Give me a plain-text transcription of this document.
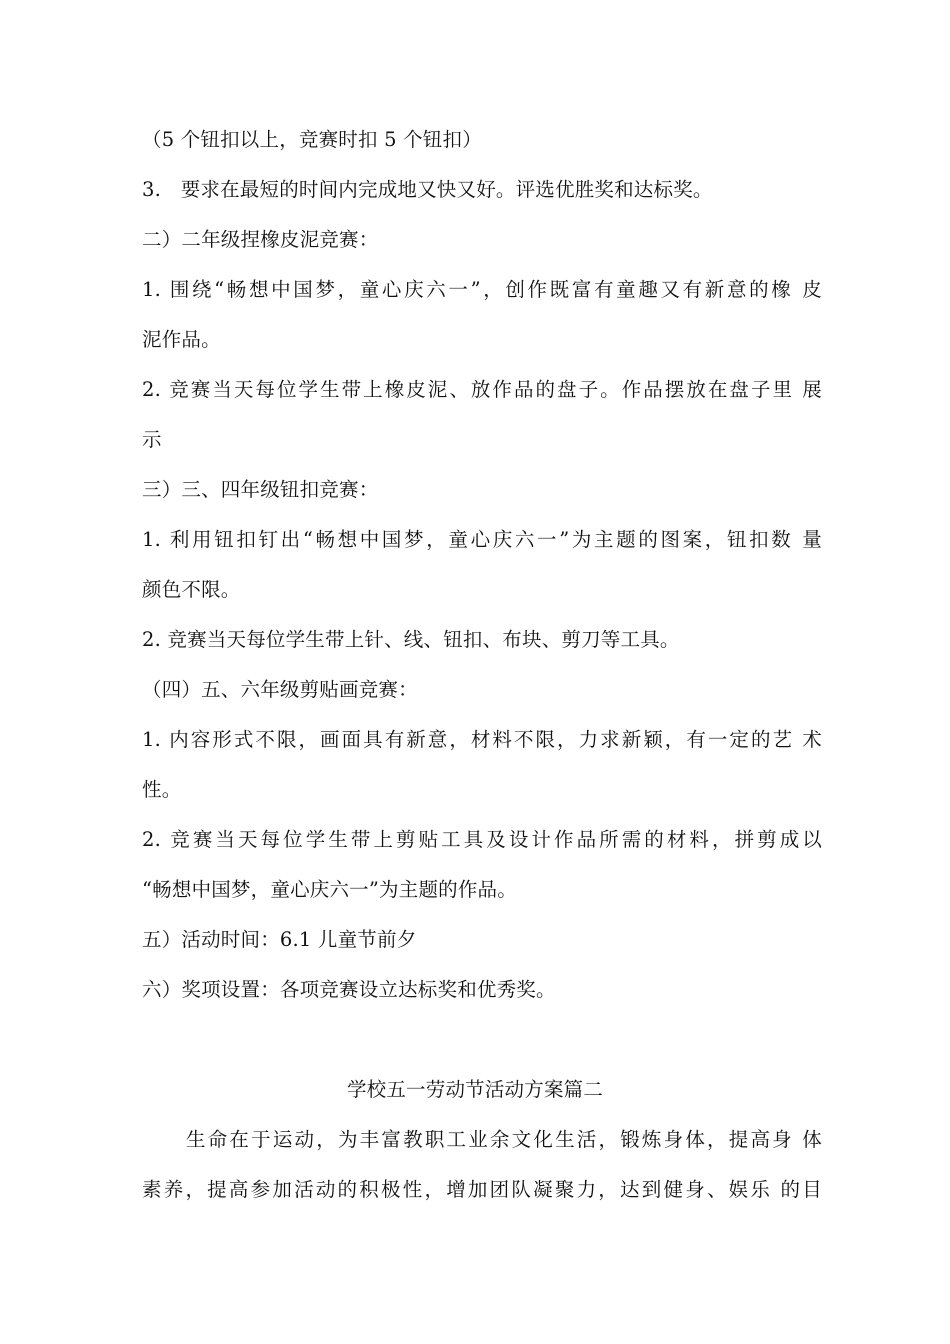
（5 个钮扣以上，竞赛时扣 5 个钮扣）
3.　要求在最短的时间内完成地又快又好。评选优胜奖和达标奖。
二）二年级捏橡皮泥竞赛：
1. 围绕“畅想中国梦，童心庆六一”，创作既富有童趣又有新意的橡 皮
泥作品。
2. 竞赛当天每位学生带上橡皮泥、放作品的盘子。作品摆放在盘子里 展
示
三）三、四年级钮扣竞赛：
1. 利用钮扣钉出“畅想中国梦，童心庆六一”为主题的图案，钮扣数 量
颜色不限。
2. 竞赛当天每位学生带上针、线、钮扣、布块、剪刀等工具。
（四）五、六年级剪贴画竞赛：
1. 内容形式不限，画面具有新意，材料不限，力求新颖，有一定的艺 术
性。
2. 竞赛当天每位学生带上剪贴工具及设计作品所需的材料，拼剪成以
“畅想中国梦，童心庆六一”为主题的作品。
五）活动时间：6.1 儿童节前夕
六）奖项设置：各项竞赛设立达标奖和优秀奖。
学校五一劳动节活动方案篇二
生命在于运动，为丰富教职工业余文化生活，锻炼身体，提高身 体
素养，提高参加活动的积极性，增加团队凝聚力，达到健身、娱乐 的目
